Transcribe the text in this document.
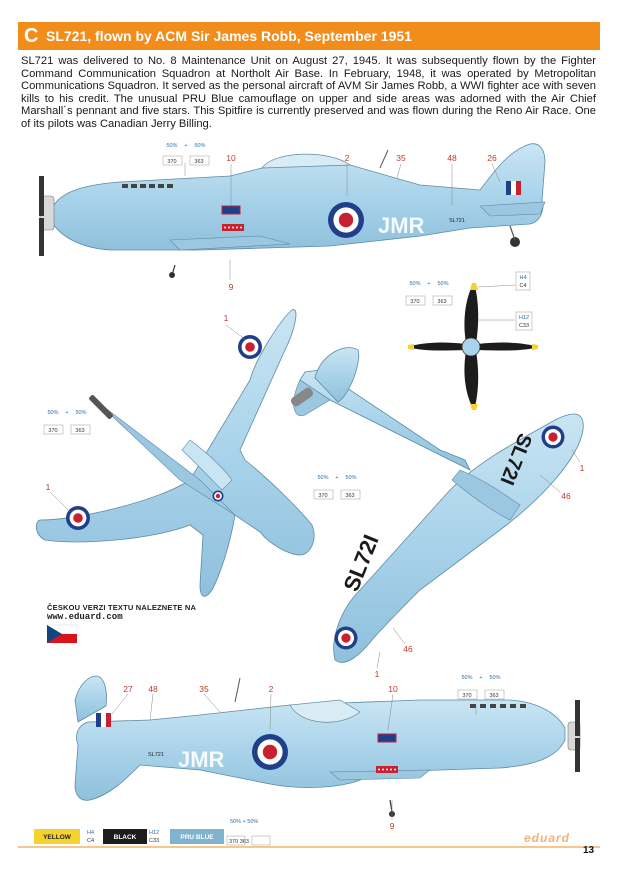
C SL721, flown by ACM Sir James Robb, September 1951
SL721 was delivered to No. 8 Maintenance Unit on August 27, 1945. It was subsequently flown by the Fighter Command Communication Squadron at Northolt Air Base. In February, 1948, it was operated by Metropolitan Communications Squadron. It served as the personal aircraft of AVM Sir James Robb, a WWI fighter ace with seven kills to his credit. The unusual PRU Blue camouflage on upper and side areas was adorned with the Air Chief Marshall´s pennant and five stars. This Spitfire is currently preserved and was flown during the Reno Air Race. One of its pilots was Canadian Jerry Billing.
JMR	SL721
10	2	35	48	26
9
1
1
SL72I
SL72I	1
1
46
46
SL721 JMR
27 48	35	2	10
9
50% + 50%
370	363
50% + 50%
370	363
H4
C4
H12
C33
50% + 50%
370	363
50% + 50%
370	363
50% + 50%
370	363
YELLOW
H4
C4	BLACK
H12
C33	PRU BLUE
50% + 50%
370 363
ČESKOU VERZI TEXTU NALEZNETE NA
www.eduard.com
eduard
13
